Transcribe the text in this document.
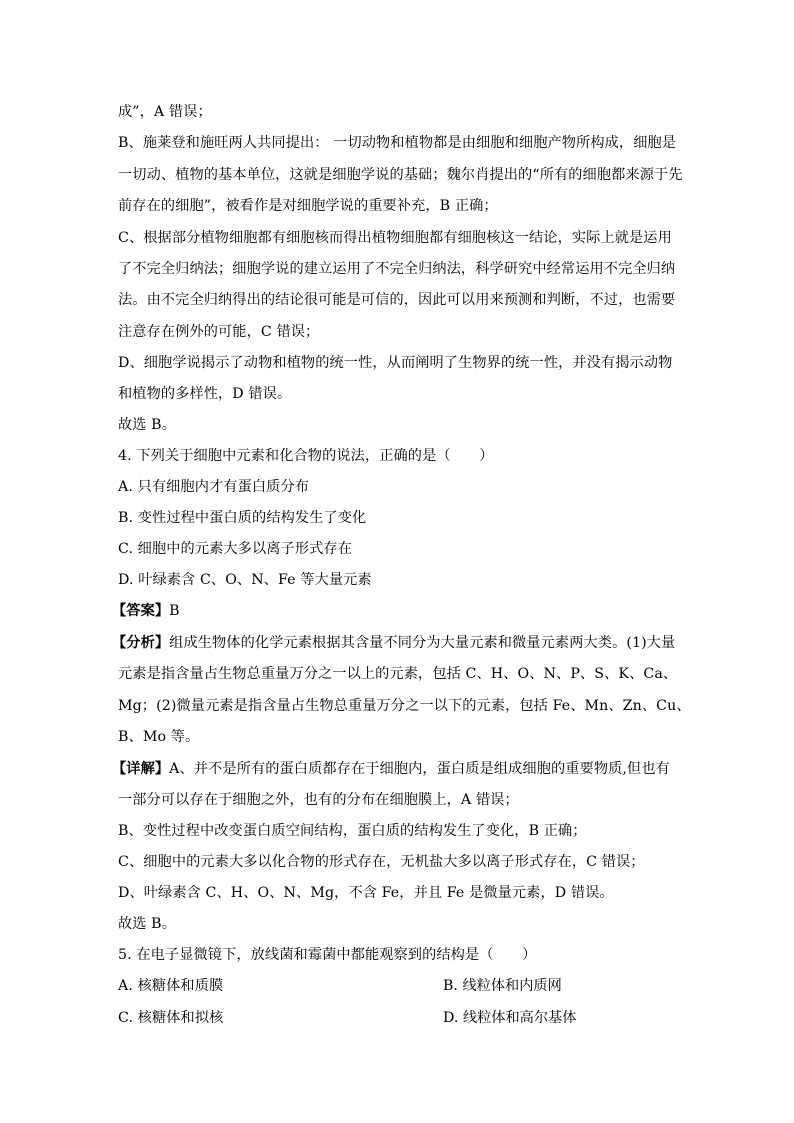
成”，A 错误；
B、施莱登和施旺两人共同提出： 一切动物和植物都是由细胞和细胞产物所构成，细胞是
一切动、植物的基本单位，这就是细胞学说的基础；魏尔肖提出的“所有的细胞都来源于先
前存在的细胞”，被看作是对细胞学说的重要补充，B 正确；
C、根据部分植物细胞都有细胞核而得出植物细胞都有细胞核这一结论，实际上就是运用
了不完全归纳法；细胞学说的建立运用了不完全归纳法，科学研究中经常运用不完全归纳
法。由不完全归纳得出的结论很可能是可信的，因此可以用来预测和判断，不过，也需要
注意存在例外的可能，C 错误；
D、细胞学说揭示了动物和植物的统一性，从而阐明了生物界的统一性，并没有揭示动物
和植物的多样性，D 错误。
故选 B。
4. 下列关于细胞中元素和化合物的说法，正确的是（　　）
A. 只有细胞内才有蛋白质分布
B. 变性过程中蛋白质的结构发生了变化
C. 细胞中的元素大多以离子形式存在
D. 叶绿素含 C、O、N、Fe 等大量元素
【答案】B
【分析】组成生物体的化学元素根据其含量不同分为大量元素和微量元素两大类。(1)大量
元素是指含量占生物总重量万分之一以上的元素，包括 C、H、O、N、P、S、K、Ca、
Mg；(2)微量元素是指含量占生物总重量万分之一以下的元素，包括 Fe、Mn、Zn、Cu、
B、Mo 等。
【详解】A、并不是所有的蛋白质都存在于细胞内，蛋白质是组成细胞的重要物质,但也有
一部分可以存在于细胞之外，也有的分布在细胞膜上，A 错误；
B、变性过程中改变蛋白质空间结构，蛋白质的结构发生了变化，B 正确；
C、细胞中的元素大多以化合物的形式存在，无机盐大多以离子形式存在，C 错误；
D、叶绿素含 C、H、O、N、Mg，不含 Fe，并且 Fe 是微量元素，D 错误。
故选 B。
5. 在电子显微镜下，放线菌和霉菌中都能观察到的结构是（　　）
A. 核糖体和质膜	B. 线粒体和内质网
C. 核糖体和拟核	D. 线粒体和高尔基体
